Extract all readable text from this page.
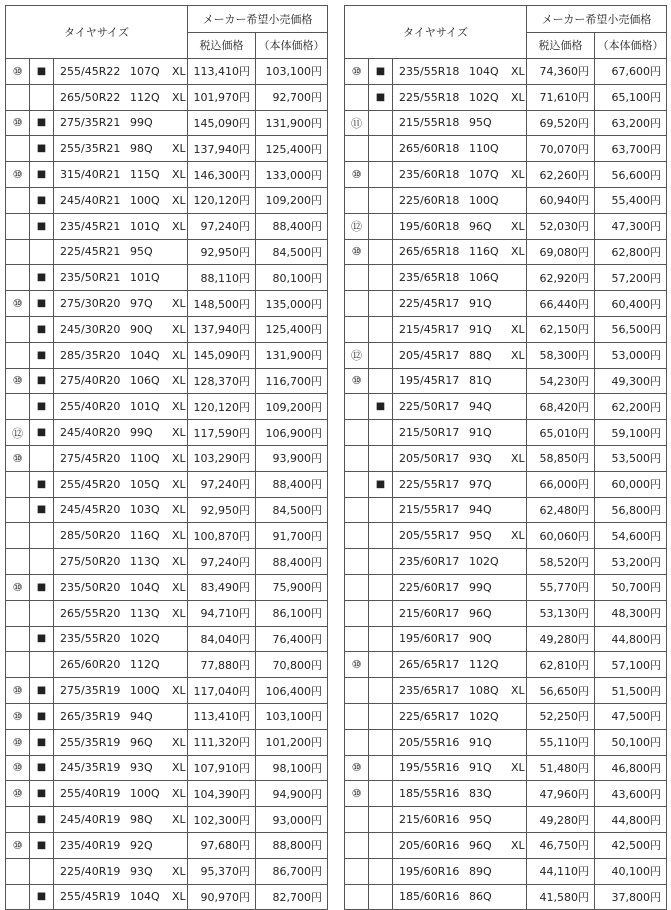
タイヤサイズ			メーカー希望小売価格	
			税込価格	（本体価格）
⑩	■	255/45R22 107Q XL	113,410円	103,100円
		265/50R22 112Q XL	101,970円	92,700円
⑩	■	275/35R21 99Q	145,090円	131,900円
	■	255/35R21 98Q XL	137,940円	125,400円
⑩	■	315/40R21 115Q XL	146,300円	133,000円
	■	245/40R21 100Q XL	120,120円	109,200円
	■	235/45R21 101Q XL	97,240円	88,400円
		225/45R21 95Q	92,950円	84,500円
	■	235/50R21 101Q	88,110円	80,100円
⑩	■	275/30R20 97Q XL	148,500円	135,000円
	■	245/30R20 90Q XL	137,940円	125,400円
	■	285/35R20 104Q XL	145,090円	131,900円
⑩	■	275/40R20 106Q XL	128,370円	116,700円
	■	255/40R20 101Q XL	120,120円	109,200円
⑫	■	245/40R20 99Q XL	117,590円	106,900円
⑩		275/45R20 110Q XL	103,290円	93,900円
	■	255/45R20 105Q XL	97,240円	88,400円
	■	245/45R20 103Q XL	92,950円	84,500円
		285/50R20 116Q XL	100,870円	91,700円
		275/50R20 113Q XL	97,240円	88,400円
⑩	■	235/50R20 104Q XL	83,490円	75,900円
		265/55R20 113Q XL	94,710円	86,100円
	■	235/55R20 102Q	84,040円	76,400円
		265/60R20 112Q	77,880円	70,800円
⑩	■	275/35R19 100Q XL	117,040円	106,400円
⑩	■	265/35R19 94Q	113,410円	103,100円
⑩	■	255/35R19 96Q XL	111,320円	101,200円
⑩	■	245/35R19 93Q XL	107,910円	98,100円
⑩	■	255/40R19 100Q XL	104,390円	94,900円
	■	245/40R19 98Q XL	102,300円	93,000円
⑩	■	235/40R19 92Q	97,680円	88,800円
		225/40R19 93Q XL	95,370円	86,700円
	■	255/45R19 104Q XL	90,970円	82,700円
タイヤサイズ			メーカー希望小売価格	
			税込価格	（本体価格）
⑩	■	235/55R18 104Q XL	74,360円	67,600円
	■	225/55R18 102Q XL	71,610円	65,100円
⑪		215/55R18 95Q	69,520円	63,200円
		265/60R18 110Q	70,070円	63,700円
⑩		235/60R18 107Q XL	62,260円	56,600円
		225/60R18 100Q	60,940円	55,400円
⑫		195/60R18 96Q XL	52,030円	47,300円
⑩		265/65R18 116Q XL	69,080円	62,800円
		235/65R18 106Q	62,920円	57,200円
		225/45R17 91Q	66,440円	60,400円
		215/45R17 91Q XL	62,150円	56,500円
⑫		205/45R17 88Q XL	58,300円	53,000円
⑩		195/45R17 81Q	54,230円	49,300円
	■	225/50R17 94Q	68,420円	62,200円
		215/50R17 91Q	65,010円	59,100円
		205/50R17 93Q XL	58,850円	53,500円
	■	225/55R17 97Q	66,000円	60,000円
		215/55R17 94Q	62,480円	56,800円
		205/55R17 95Q XL	60,060円	54,600円
		235/60R17 102Q	58,520円	53,200円
		225/60R17 99Q	55,770円	50,700円
		215/60R17 96Q	53,130円	48,300円
		195/60R17 90Q	49,280円	44,800円
⑩		265/65R17 112Q	62,810円	57,100円
		235/65R17 108Q XL	56,650円	51,500円
		225/65R17 102Q	52,250円	47,500円
		205/55R16 91Q	55,110円	50,100円
⑩		195/55R16 91Q XL	51,480円	46,800円
⑩		185/55R16 83Q	47,960円	43,600円
		215/60R16 95Q	49,280円	44,800円
		205/60R16 96Q XL	46,750円	42,500円
		195/60R16 89Q	44,110円	40,100円
		185/60R16 86Q	41,580円	37,800円
